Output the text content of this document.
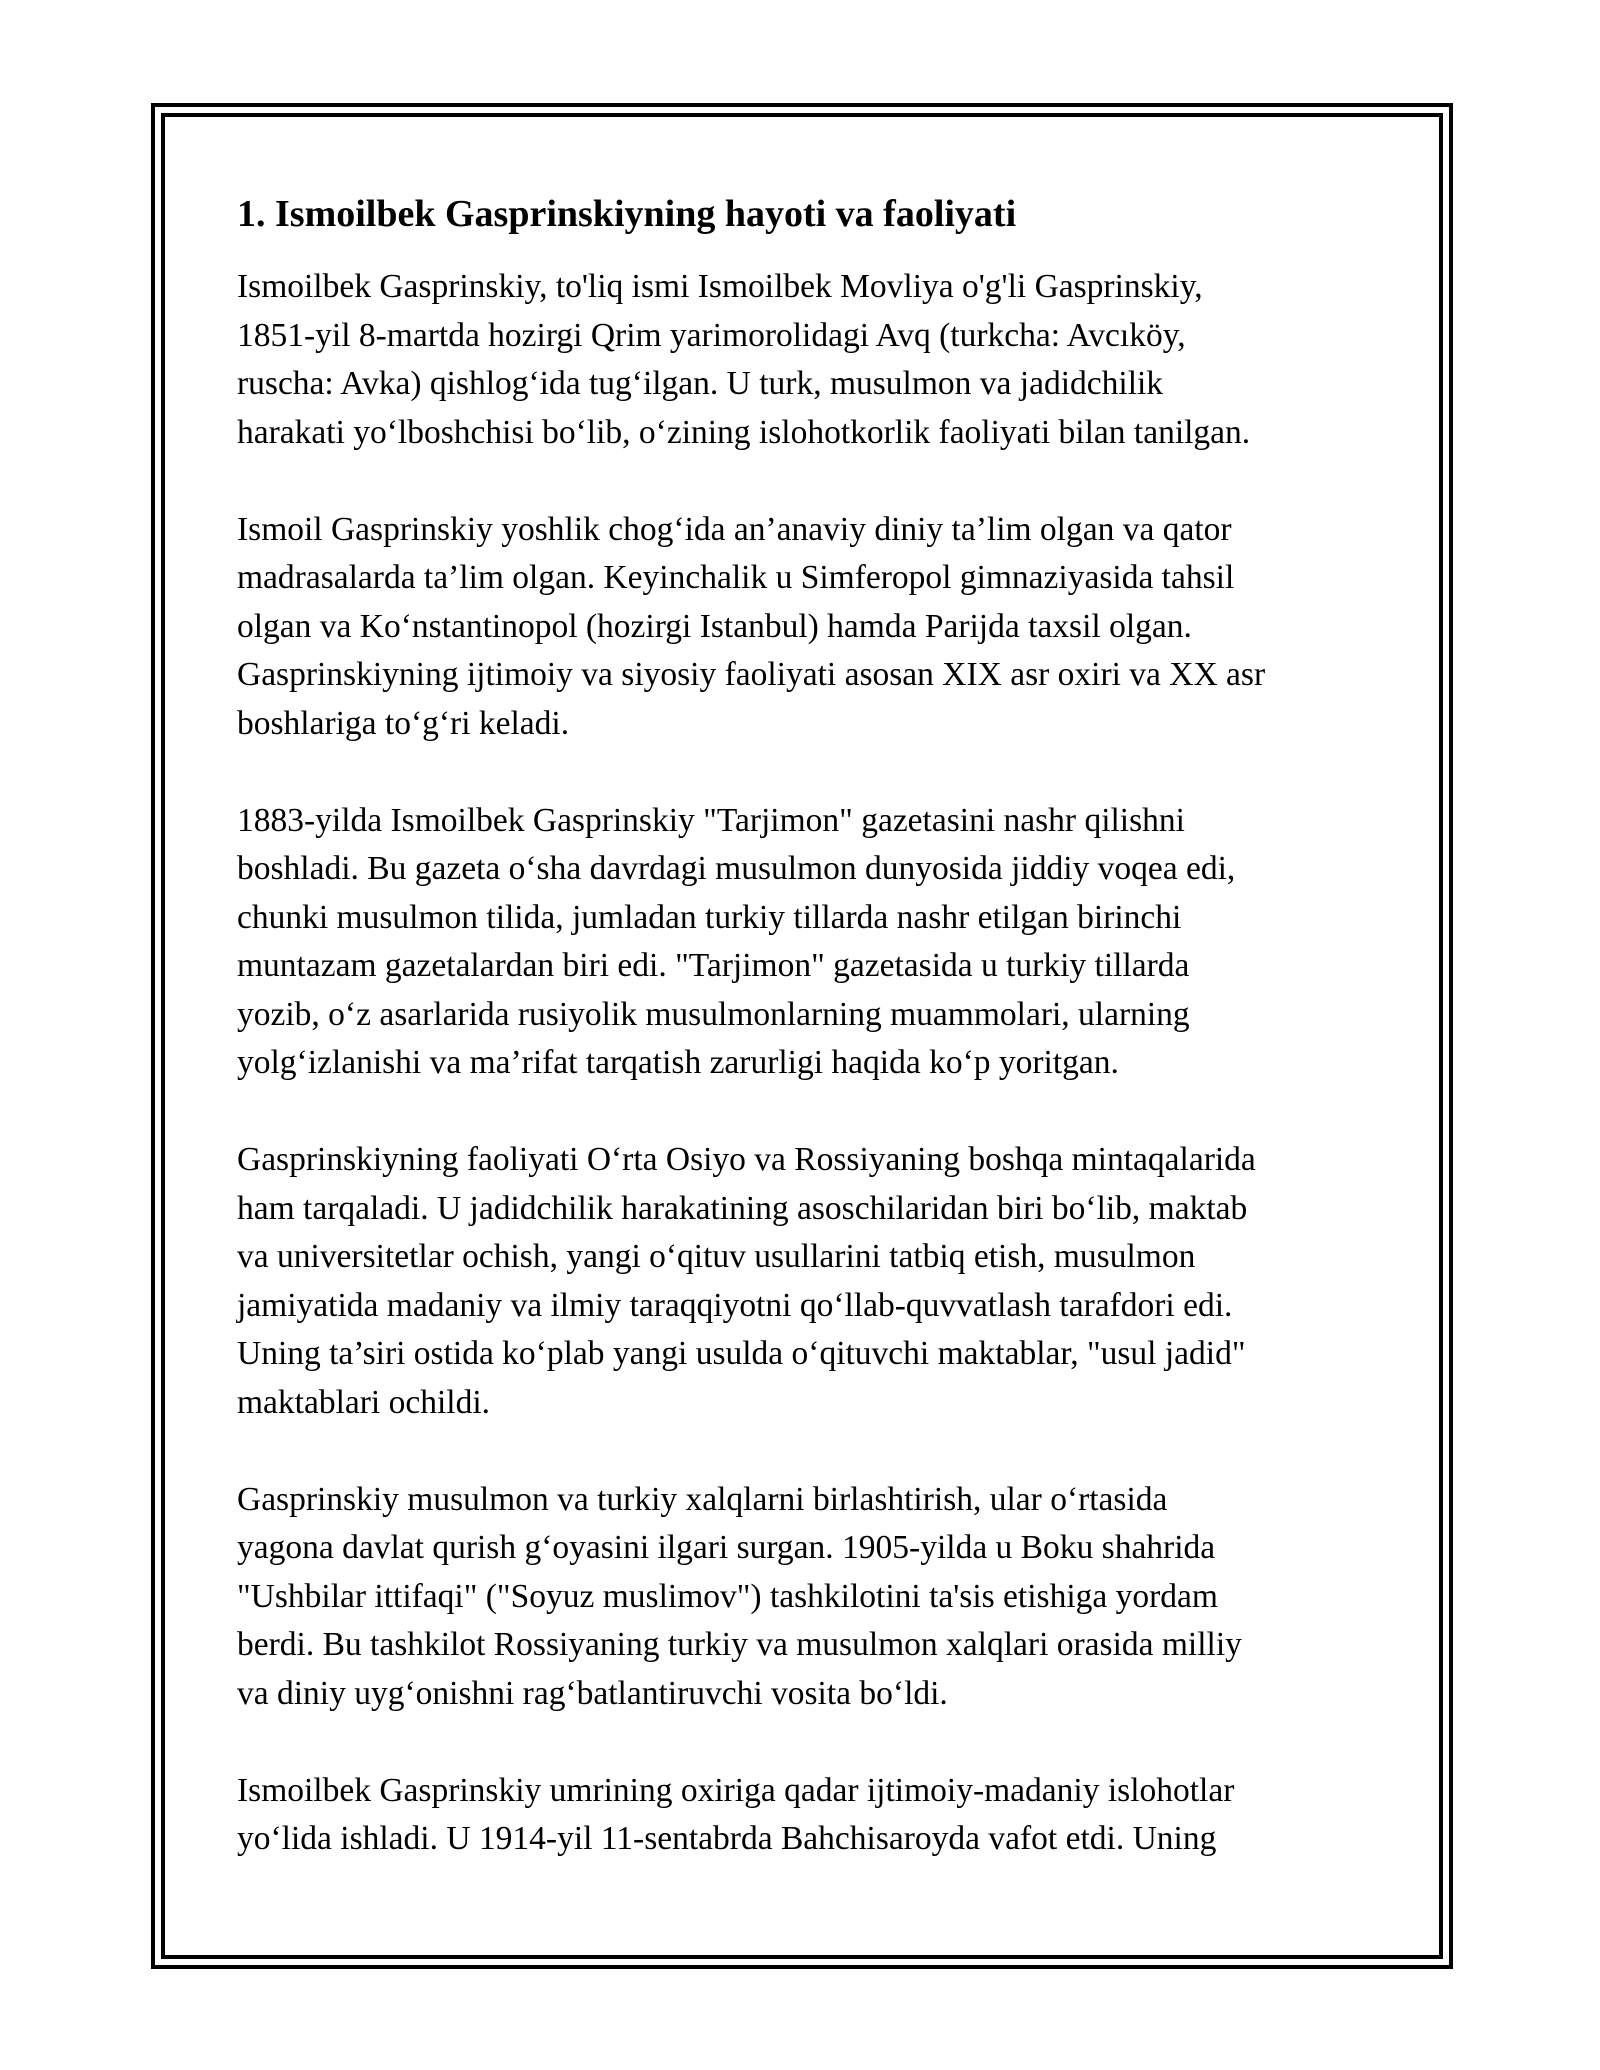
1. Ismoilbek Gasprinskiyning hayoti va faoliyati

Ismoilbek Gasprinskiy, to'liq ismi Ismoilbek Movliya o'g'li Gasprinskiy,
1851-yil 8-martda hozirgi Qrim yarimorolidagi Avq (turkcha: Avcıköy,
ruscha: Avka) qishlog‘ida tug‘ilgan. U turk, musulmon va jadidchilik
harakati yo‘lboshchisi bo‘lib, o‘zining islohotkorlik faoliyati bilan tanilgan.

Ismoil Gasprinskiy yoshlik chog‘ida an’anaviy diniy ta’lim olgan va qator
madrasalarda ta’lim olgan. Keyinchalik u Simferopol gimnaziyasida tahsil
olgan va Ko‘nstantinopol (hozirgi Istanbul) hamda Parijda taxsil olgan.
Gasprinskiyning ijtimoiy va siyosiy faoliyati asosan XIX asr oxiri va XX asr
boshlariga to‘g‘ri keladi.

1883-yilda Ismoilbek Gasprinskiy "Tarjimon" gazetasini nashr qilishni
boshladi. Bu gazeta o‘sha davrdagi musulmon dunyosida jiddiy voqea edi,
chunki musulmon tilida, jumladan turkiy tillarda nashr etilgan birinchi
muntazam gazetalardan biri edi. "Tarjimon" gazetasida u turkiy tillarda
yozib, o‘z asarlarida rusiyolik musulmonlarning muammolari, ularning
yolg‘izlanishi va ma’rifat tarqatish zarurligi haqida ko‘p yoritgan.

Gasprinskiyning faoliyati O‘rta Osiyo va Rossiyaning boshqa mintaqalarida
ham tarqaladi. U jadidchilik harakatining asoschilaridan biri bo‘lib, maktab
va universitetlar ochish, yangi o‘qituv usullarini tatbiq etish, musulmon
jamiyatida madaniy va ilmiy taraqqiyotni qo‘llab-quvvatlash tarafdori edi.
Uning ta’siri ostida ko‘plab yangi usulda o‘qituvchi maktablar, "usul jadid"
maktablari ochildi.

Gasprinskiy musulmon va turkiy xalqlarni birlashtirish, ular o‘rtasida
yagona davlat qurish g‘oyasini ilgari surgan. 1905-yilda u Boku shahrida
"Ushbilar ittifaqi" ("Soyuz muslimov") tashkilotini ta'sis etishiga yordam
berdi. Bu tashkilot Rossiyaning turkiy va musulmon xalqlari orasida milliy
va diniy uyg‘onishni rag‘batlantiruvchi vosita bo‘ldi.

Ismoilbek Gasprinskiy umrining oxiriga qadar ijtimoiy-madaniy islohotlar
yo‘lida ishladi. U 1914-yil 11-sentabrda Bahchisaroyda vafot etdi. Uning
